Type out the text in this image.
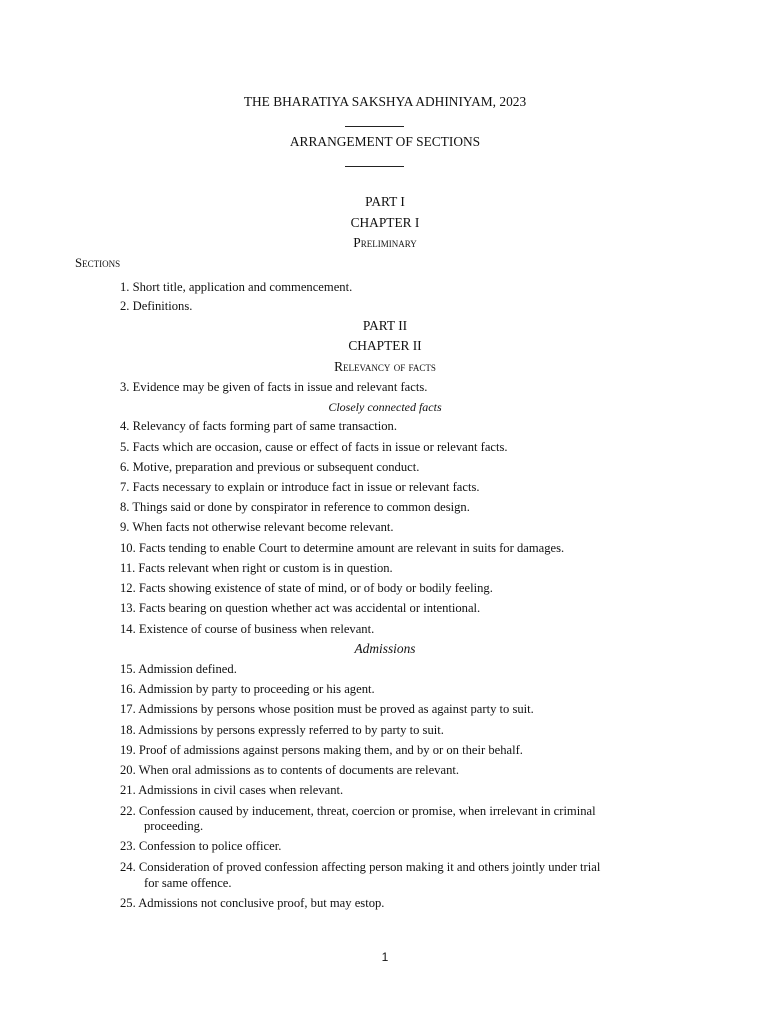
THE BHARATIYA SAKSHYA ADHINIYAM, 2023
ARRANGEMENT OF SECTIONS
PART I
CHAPTER I
Preliminary
Sections
1. Short title, application and commencement.
2. Definitions.
PART II
CHAPTER II
Relevancy of facts
3. Evidence may be given of facts in issue and relevant facts.
Closely connected facts
4. Relevancy of facts forming part of same transaction.
5. Facts which are occasion, cause or effect of facts in issue or relevant facts.
6. Motive, preparation and previous or subsequent conduct.
7. Facts necessary to explain or introduce fact in issue or relevant facts.
8. Things said or done by conspirator in reference to common design.
9. When facts not otherwise relevant become relevant.
10. Facts tending to enable Court to determine amount are relevant in suits for damages.
11. Facts relevant when right or custom is in question.
12. Facts showing existence of state of mind, or of body or bodily feeling.
13. Facts bearing on question whether act was accidental or intentional.
14. Existence of course of business when relevant.
Admissions
15. Admission defined.
16. Admission by party to proceeding or his agent.
17. Admissions by persons whose position must be proved as against party to suit.
18. Admissions by persons expressly referred to by party to suit.
19. Proof of admissions against persons making them, and by or on their behalf.
20. When oral admissions as to contents of documents are relevant.
21. Admissions in civil cases when relevant.
22. Confession caused by inducement, threat, coercion or promise, when irrelevant in criminal
proceeding.
23. Confession to police officer.
24. Consideration of proved confession affecting person making it and others jointly under trial
for same offence.
25. Admissions not conclusive proof, but may estop.
1
